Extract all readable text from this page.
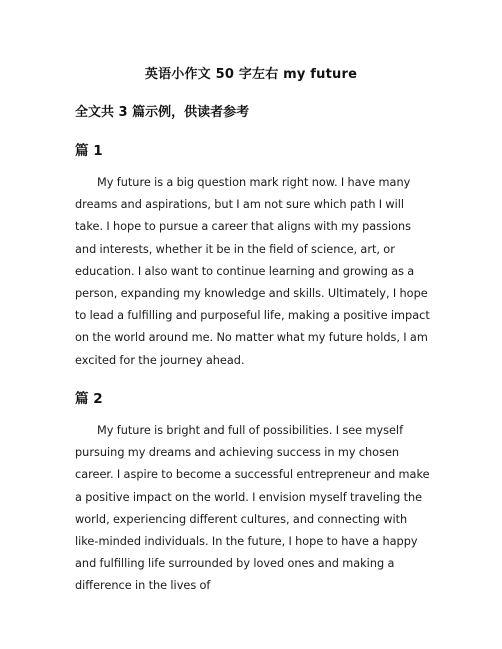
英语小作文 50 字左右 my future
全文共 3 篇示例，供读者参考
篇 1

My future is a big question mark right now. I have many dreams and aspirations, but I am not sure which path I will take. I hope to pursue a career that aligns with my passions and interests, whether it be in the field of science, art, or education. I also want to continue learning and growing as a person, expanding my knowledge and skills. Ultimately, I hope to lead a fulfilling and purposeful life, making a positive impact on the world around me. No matter what my future holds, I am excited for the journey ahead.

篇 2

My future is bright and full of possibilities. I see myself pursuing my dreams and achieving success in my chosen career. I aspire to become a successful entrepreneur and make a positive impact on the world. I envision myself traveling the world, experiencing different cultures, and connecting with like-minded individuals. In the future, I hope to have a happy and fulfilling life surrounded by loved ones and making a difference in the lives of
